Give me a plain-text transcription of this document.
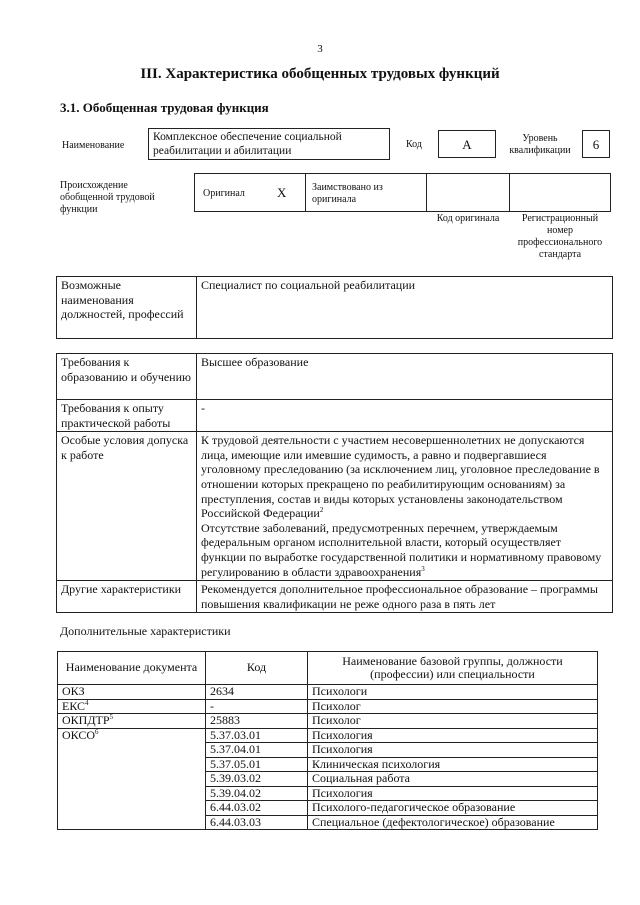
3
III. Характеристика обобщенных трудовых функций
3.1. Обобщенная трудовая функция
Наименование
Комплексное обеспечение социальной реабилитации и абилитации
Код	A	Уровень квалификации	6
Происхождение обобщенной трудовой функции
Оригинал X	Заимствовано из оригинала
Код оригинала	Регистрационный номер профессионального стандарта
Возможные наименования должностей, профессий	Специалист по социальной реабилитации
Требования к образованию и обучению	Высшее образование
Требования к опыту практической работы	-
Особые условия допуска к работе	К трудовой деятельности с участием несовершеннолетних не допускаются лица, имеющие или имевшие судимость, а равно и подвергавшиеся уголовному преследованию (за исключением лиц, уголовное преследование в отношении которых прекращено по реабилитирующим основаниям) за преступления, состав и виды которых установлены законодательством Российской Федерации$^2$
Отсутствие заболеваний, предусмотренных перечнем, утверждаемым федеральным органом исполнительной власти, который осуществляет функции по выработке государственной политики и нормативному правовому регулированию в области здравоохранения$^3$
Другие характеристики	Рекомендуется дополнительное профессиональное образование – программы повышения квалификации не реже одного раза в пять лет
Дополнительные характеристики
Наименование документа	Код	Наименование базовой группы, должности (профессии) или специальности
ОКЗ	2634	Психологи
ЕКС$^4$	-	Психолог
ОКПДТР$^5$	25883	Психолог
ОКСО$^6$	5.37.03.01	Психология
	5.37.04.01	Психология
	5.37.05.01	Клиническая психология
	5.39.03.02	Социальная работа
	5.39.04.02	Психология
	6.44.03.02	Психолого-педагогическое образование
	6.44.03.03	Специальное (дефектологическое) образование
